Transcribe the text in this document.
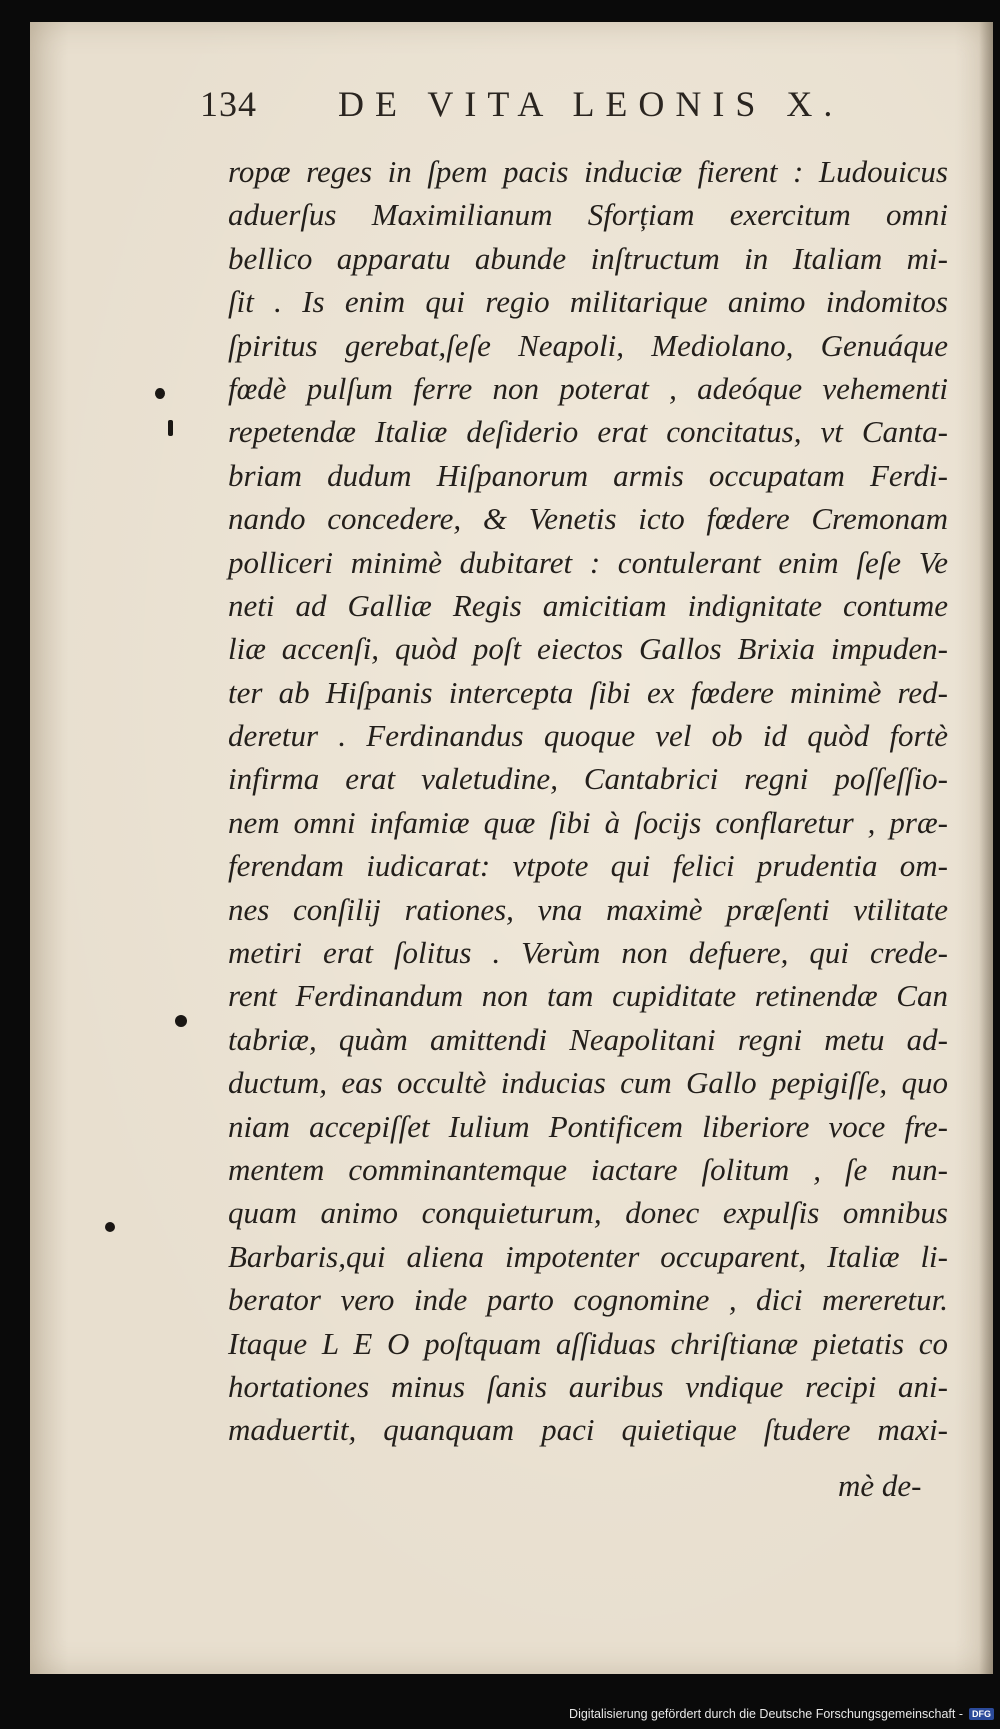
134 DE VITA LEONIS X.
ropæ reges in ſpem pacis induciæ fierent : Ludouicus
aduerſus Maximilianum Sforțiam exercitum omni
bellico apparatu abunde inſtructum in Italiam mi-
ſit . Is enim qui regio militarique animo indomitos
ſpiritus gerebat,ſeſe Neapoli, Mediolano, Genuáque
fœdè pulſum ferre non poterat , adeóque vehementi
repetendæ Italiæ deſiderio erat concitatus, vt Canta-
briam dudum Hiſpanorum armis occupatam Ferdi-
nando concedere, & Venetis icto fœdere Cremonam
polliceri minimè dubitaret : contulerant enim ſeſe Ve
neti ad Galliæ Regis amicitiam indignitate contume
liæ accenſi, quòd poſt eiectos Gallos Brixia impuden-
ter ab Hiſpanis intercepta ſibi ex fœdere minimè red-
deretur . Ferdinandus quoque vel ob id quòd fortè
infirma erat valetudine, Cantabrici regni poſſeſſio-
nem omni infamiæ quæ ſibi à ſocijs conflaretur , præ-
ferendam iudicarat: vtpote qui felici prudentia om-
nes conſilij rationes, vna maximè præſenti vtilitate
metiri erat ſolitus . Verùm non defuere, qui crede-
rent Ferdinandum non tam cupiditate retinendæ Can
tabriæ, quàm amittendi Neapolitani regni metu ad-
ductum, eas occultè inducias cum Gallo pepigiſſe, quo
niam accepiſſet Iulium Pontificem liberiore voce fre-
mentem comminantemque iactare ſolitum , ſe nun-
quam animo conquieturum, donec expulſis omnibus
Barbaris,qui aliena impotenter occuparent, Italiæ li-
berator vero inde parto cognomine , dici mereretur.
Itaque L E O poſtquam aſſiduas chriſtianæ pietatis co
hortationes minus ſanis auribus vndique recipi ani-
maduertit, quanquam paci quietique ſtudere maxi-
mè de-
Digitalisierung gefördert durch die Deutsche Forschungsgemeinschaft -	DFG
